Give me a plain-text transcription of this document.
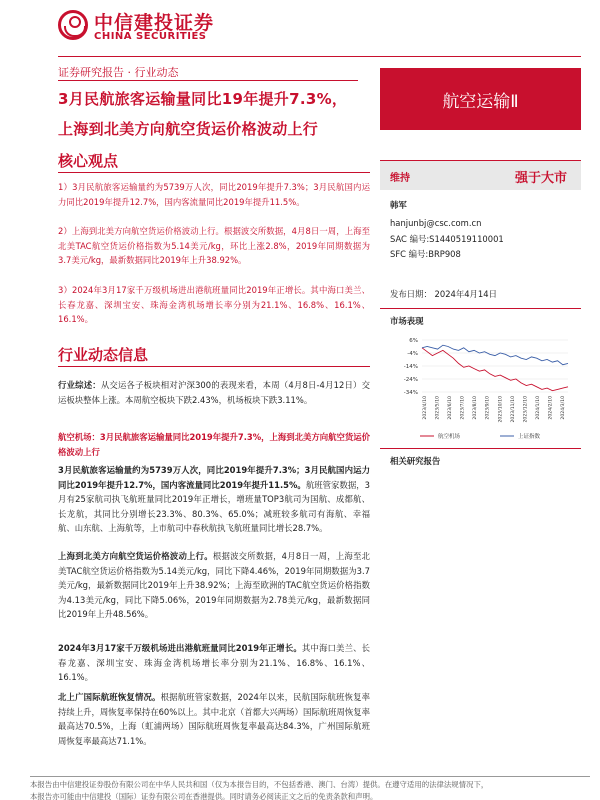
中信建投证券
CHINA SECURITIES
证券研究报告 · 行业动态
3月民航旅客运输量同比19年提升7.3%，
上海到北美方向航空货运价格波动上行
航空运输Ⅱ
核心观点
1）3月民航旅客运输量约为5739万人次，同比2019年提升7.3%；3月民航国内运力同比2019年提升12.7%，国内客流量同比2019年提升11.5%。
2）上海到北美方向航空货运价格波动上行。根据波交所数据，4月8日一周，上海至北美TAC航空货运价格指数为5.14美元/kg，环比上涨2.8%，2019年同期数据为3.7美元/kg，最新数据同比2019年上升38.92%。
3）2024年3月17家千万级机场进出港航班量同比2019年正增长。其中海口美兰、长春龙嘉、深圳宝安、珠海金湾机场增长率分别为21.1%、16.8%、16.1%、16.1%。
行业动态信息
行业综述：从交运各子板块相对沪深300的表现来看，本周（4月8日-4月12日）交运板块整体上涨。本周航空板块下跌2.43%，机场板块下跌3.11%。
航空机场：3月民航旅客运输量同比2019年提升7.3%，上海到北美方向航空货运价格波动上行
3月民航旅客运输量约为5739万人次，同比2019年提升7.3%；3月民航国内运力同比2019年提升12.7%，国内客流量同比2019年提升11.5%。航班管家数据，3月有25家航司执飞航班量同比2019年正增长，增班量TOP3航司为国航、成都航、长龙航，其同比分别增长23.3%、80.3%、65.0%；减班较多航司有海航、幸福航、山东航、上海航等，上市航司中春秋航执飞航班量同比增长28.7%。
上海到北美方向航空货运价格波动上行。根据波交所数据，4月8日一周，上海至北美TAC航空货运价格指数为5.14美元/kg，同比下降4.46%，2019年同期数据为3.7美元/kg，最新数据同比2019年上升38.92%；上海至欧洲的TAC航空货运价格指数为4.13美元/kg，同比下降5.06%，2019年同期数据为2.78美元/kg，最新数据同比2019年上升48.56%。
2024年3月17家千万级机场进出港航班量同比2019年正增长。其中海口美兰、长春龙嘉、深圳宝安、珠海金湾机场增长率分别为21.1%、16.8%、16.1%、16.1%。
北上广国际航班恢复情况。根据航班管家数据，2024年以来，民航国际航班恢复率持续上升，周恢复率保持在60%以上。其中北京（首都大兴两场）国际航班周恢复率最高达70.5%，上海（虹浦两场）国际航班周恢复率最高达84.3%，广州国际航班周恢复率最高达71.1%。
维持	强于大市
韩军
hanjunbj@csc.com.cn
SAC 编号:S1440519110001
SFC 编号:BRP908
发布日期： 2024年4月14日
市场表现
6%
-4%
-14%
-24%
-34%
2023/4/10 2023/5/10 2023/6/10 2023/7/10 2023/8/10 2023/9/10 2023/10/10 2023/11/10 2023/12/10 2024/1/10 2024/2/10 2024/3/10
航空机场	上证指数
相关研究报告
本报告由中信建投证券股份有限公司在中华人民共和国（仅为本报告目的，不包括香港、澳门、台湾）提供。在遵守适用的法律法规情况下，
本报告亦可能由中信建投（国际）证券有限公司在香港提供。同时请务必阅读正文之后的免责条款和声明。
